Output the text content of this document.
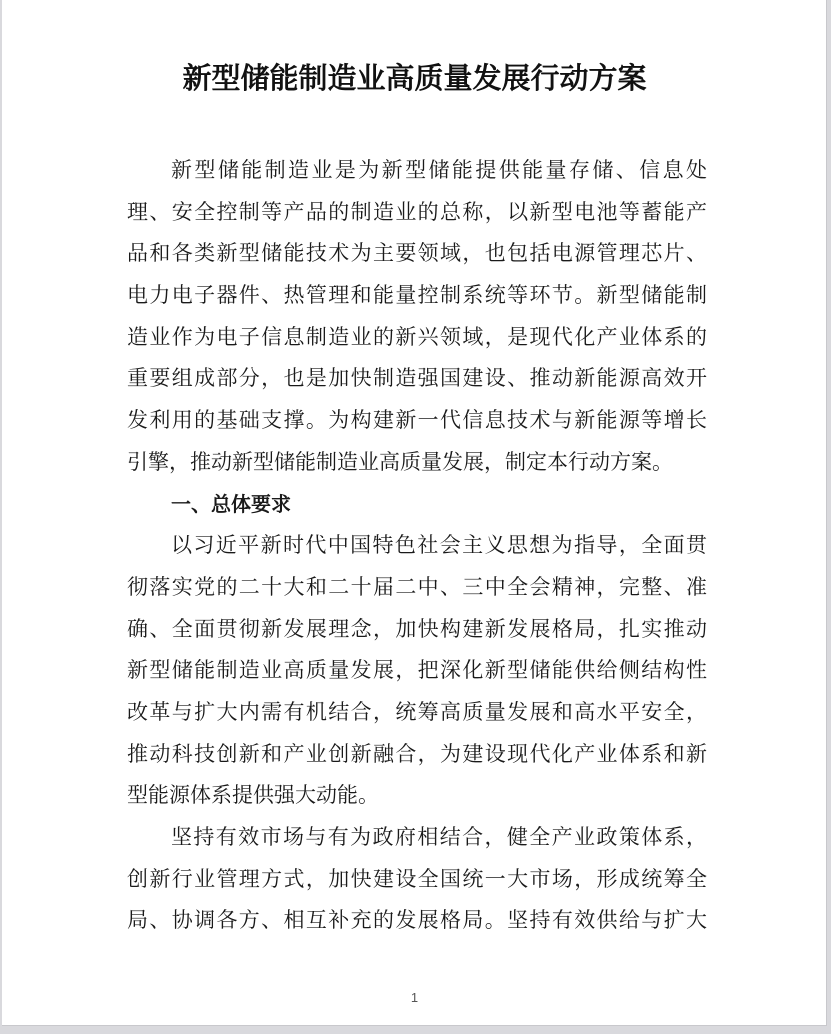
新型储能制造业高质量发展行动方案
新型储能制造业是为新型储能提供能量存储、信息处
理、安全控制等产品的制造业的总称，以新型电池等蓄能产
品和各类新型储能技术为主要领域，也包括电源管理芯片、
电力电子器件、热管理和能量控制系统等环节。新型储能制
造业作为电子信息制造业的新兴领域，是现代化产业体系的
重要组成部分，也是加快制造强国建设、推动新能源高效开
发利用的基础支撑。为构建新一代信息技术与新能源等增长
引擎，推动新型储能制造业高质量发展，制定本行动方案。
一、总体要求
以习近平新时代中国特色社会主义思想为指导，全面贯
彻落实党的二十大和二十届二中、三中全会精神，完整、准
确、全面贯彻新发展理念，加快构建新发展格局，扎实推动
新型储能制造业高质量发展，把深化新型储能供给侧结构性
改革与扩大内需有机结合，统筹高质量发展和高水平安全，
推动科技创新和产业创新融合，为建设现代化产业体系和新
型能源体系提供强大动能。
坚持有效市场与有为政府相结合，健全产业政策体系，
创新行业管理方式，加快建设全国统一大市场，形成统筹全
局、协调各方、相互补充的发展格局。坚持有效供给与扩大
1
